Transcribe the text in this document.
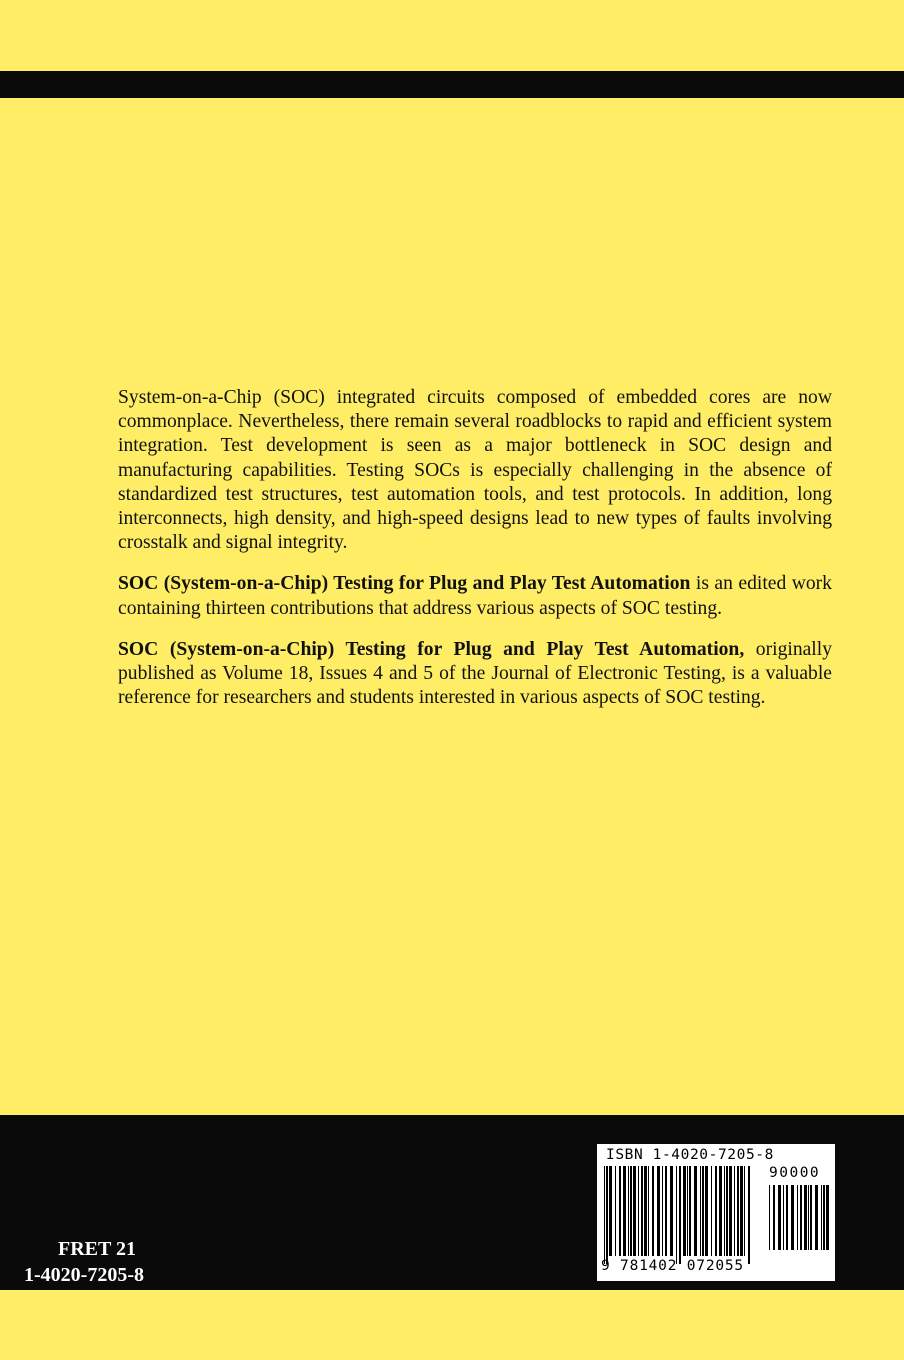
System-on-a-Chip (SOC) integrated circuits composed of embedded cores are now commonplace. Nevertheless, there remain several roadblocks to rapid and efficient system integration. Test development is seen as a major bottleneck in SOC design and manufacturing capabilities. Testing SOCs is especially challenging in the absence of standardized test structures, test automation tools, and test protocols. In addition, long interconnects, high density, and high-speed designs lead to new types of faults involving crosstalk and signal integrity.

SOC (System-on-a-Chip) Testing for Plug and Play Test Automation is an edited work containing thirteen contributions that address various aspects of SOC testing.

SOC (System-on-a-Chip) Testing for Plug and Play Test Automation, originally published as Volume 18, Issues 4 and 5 of the Journal of Electronic Testing, is a valuable reference for researchers and students interested in various aspects of SOC testing.

FRET 21
1-4020-7205-8
ISBN 1-4020-7205-8
90000
9 781402 072055
